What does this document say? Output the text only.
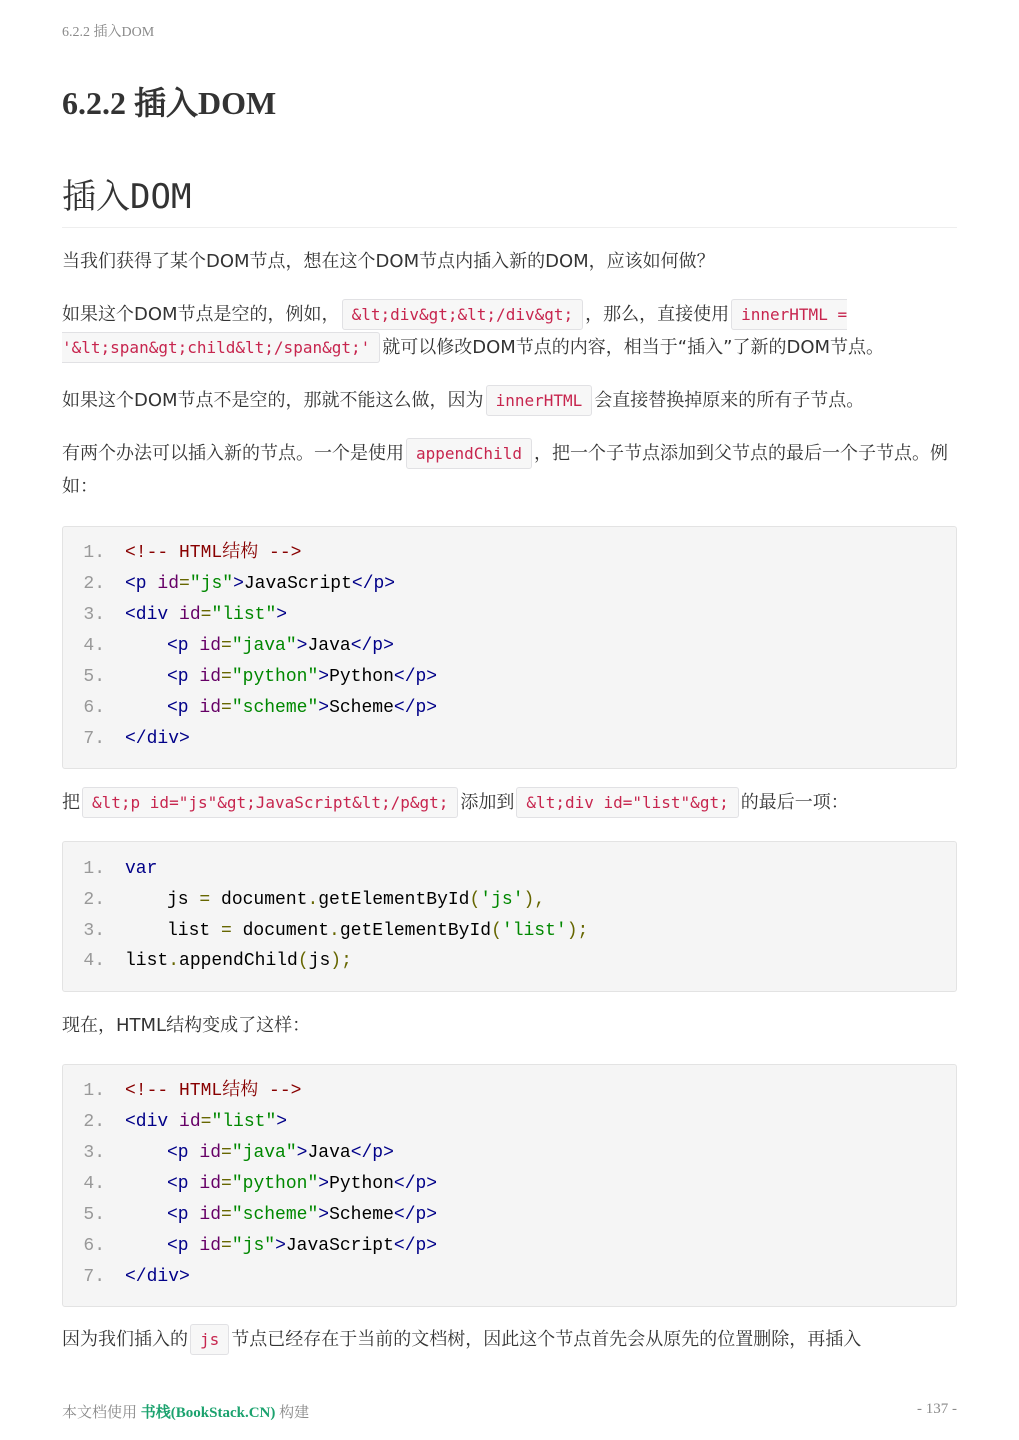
6.2.2 插入DOM
6.2.2 插入DOM
插入DOM

当我们获得了某个DOM节点，想在这个DOM节点内插入新的DOM，应该如何做？

如果这个DOM节点是空的，例如， &lt;div&gt;&lt;/div&gt; ，那么，直接使用 innerHTML = '&lt;span&gt;child&lt;/span&gt;' 就可以修改DOM节点的内容，相当于“插入”了新的DOM节点。

如果这个DOM节点不是空的，那就不能这么做，因为 innerHTML 会直接替换掉原来的所有子节点。

有两个办法可以插入新的节点。一个是使用 appendChild ，把一个子节点添加到父节点的最后一个子节点。例如：

1. <!-- HTML结构 -->
2. <p id="js">JavaScript</p>
3. <div id="list">
4.	<p id="java">Java</p>
5.	<p id="python">Python</p>
6.	<p id="scheme">Scheme</p>
7. </div>

把 &lt;p id="js"&gt;JavaScript&lt;/p&gt; 添加到 &lt;div id="list"&gt; 的最后一项：

1. var
2.	js = document.getElementById('js'),
3.	list = document.getElementById('list');
4. list.appendChild(js);

现在，HTML结构变成了这样：

1. <!-- HTML结构 -->
2. <div id="list">
3.	<p id="java">Java</p>
4.	<p id="python">Python</p>
5.	<p id="scheme">Scheme</p>
6.	<p id="js">JavaScript</p>
7. </div>

因为我们插入的 js 节点已经存在于当前的文档树，因此这个节点首先会从原先的位置删除，再插入

本文档使用 书栈(BookStack.CN) 构建	- 137 -
